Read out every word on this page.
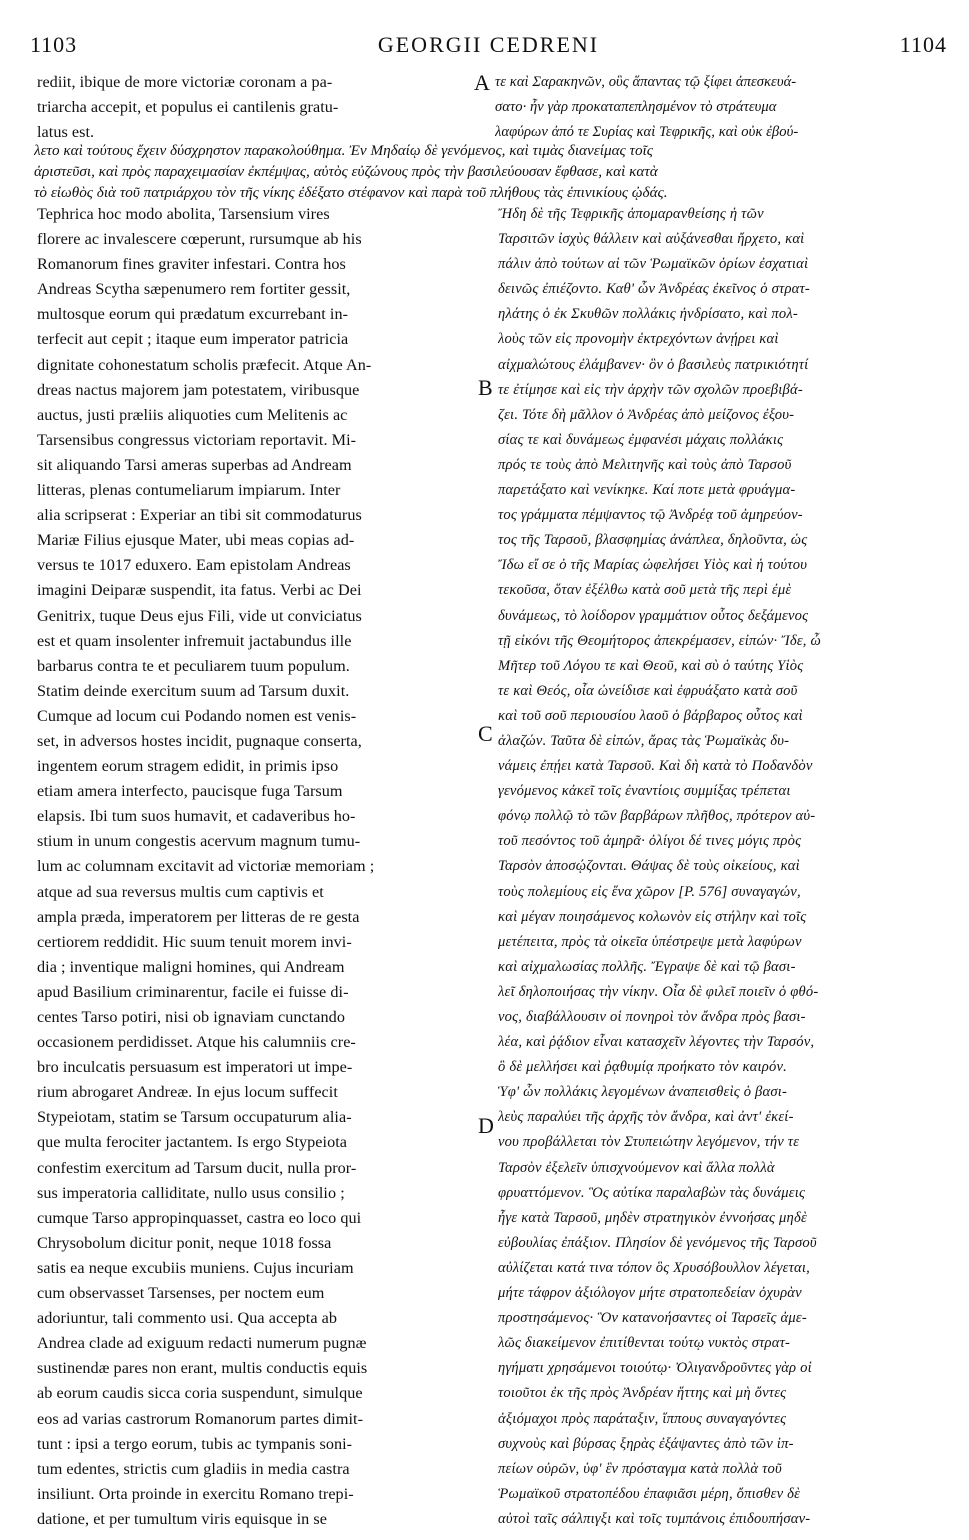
1103	GEORGII CEDRENI	1104
rediit, ibique de more victoriæ coronam a pa-
triarcha accepit, et populus ei cantilenis gratu-
latus est.
τε καὶ Σαρακηνῶν, οὓς ἅπαντας τῷ ξίφει ἀπεσκευά-
σατο· ἦν γὰρ προκαταπεπλησμένον τὸ στράτευμα
λαφύρων ἀπό τε Συρίας καὶ Τεφρικῆς, καὶ οὐκ ἐβού-
λετο καὶ τούτους ἔχειν δύσχρηστον παρακολούθημα. Ἐν Μηδαίῳ δὲ γενόμενος, καὶ τιμὰς διανείμας τοῖς
ἀριστεῦσι, καὶ πρὸς παραχειμασίαν ἐκπέμψας, αὐτὸς εὐζώνους πρὸς τὴν βασιλεύουσαν ἔφθασε, καὶ κατὰ
τὸ εἰωθὸς διὰ τοῦ πατριάρχου τὸν τῆς νίκης ἐδέξατο στέφανον καὶ παρὰ τοῦ πλήθους τὰς ἐπινικίους ᾠδάς.
A
B
C
D
Tephrica hoc modo abolita, Tarsensium vires
florere ac invalescere cœperunt, rursumque ab his
Romanorum fines graviter infestari. Contra hos
Andreas Scytha sæpenumero rem fortiter gessit,
multosque eorum qui prædatum excurrebant in-
terfecit aut cepit ; itaque eum imperator patricia
dignitate cohonestatum scholis præfecit. Atque An-
dreas nactus majorem jam potestatem, viribusque
auctus, justi præliis aliquoties cum Melitenis ac
Tarsensibus congressus victoriam reportavit. Mi-
sit aliquando Tarsi ameras superbas ad Andream
litteras, plenas contumeliarum impiarum. Inter
alia scripserat : Experiar an tibi sit commodaturus
Mariæ Filius ejusque Mater, ubi meas copias ad-
versus te 1017 eduxero. Eam epistolam Andreas
imagini Deiparæ suspendit, ita fatus. Verbi ac Dei
Genitrix, tuque Deus ejus Fili, vide ut conviciatus
est et quam insolenter infremuit jactabundus ille
barbarus contra te et peculiarem tuum populum.
Statim deinde exercitum suum ad Tarsum duxit.
Cumque ad locum cui Podando nomen est venis-
set, in adversos hostes incidit, pugnaque conserta,
ingentem eorum stragem edidit, in primis ipso
etiam amera interfecto, paucisque fuga Tarsum
elapsis. Ibi tum suos humavit, et cadaveribus ho-
stium in unum congestis acervum magnum tumu-
lum ac columnam excitavit ad victoriæ memoriam ;
atque ad sua reversus multis cum captivis et
ampla præda, imperatorem per litteras de re gesta
certiorem reddidit. Hic suum tenuit morem invi-
dia ; inventique maligni homines, qui Andream
apud Basilium criminarentur, facile ei fuisse di-
centes Tarso potiri, nisi ob ignaviam cunctando
occasionem perdidisset. Atque his calumniis cre-
bro inculcatis persuasum est imperatori ut impe-
rium abrogaret Andreæ. In ejus locum suffecit
Stypeiotam, statim se Tarsum occupaturum alia-
que multa ferociter jactantem. Is ergo Stypeiota
confestim exercitum ad Tarsum ducit, nulla pror-
sus imperatoria calliditate, nullo usus consilio ;
cumque Tarso appropinquasset, castra eo loco qui
Chrysobolum dicitur ponit, neque 1018 fossa
satis ea neque excubiis muniens. Cujus incuriam
cum observasset Tarsenses, per noctem eum
adoriuntur, tali commento usi. Qua accepta ab
Andrea clade ad exiguum redacti numerum pugnæ
sustinendæ pares non erant, multis conductis equis
ab eorum caudis sicca coria suspendunt, simulque
eos ad varias castrorum Romanorum partes dimit-
tunt : ipsi a tergo eorum, tubis ac tympanis soni-
tum edentes, strictis cum gladiis in media castra
insiliunt. Orta proinde in exercitu Romano trepi-
datione, et per tumultum viris equisque in se
Ἤδη δὲ τῆς Τεφρικῆς ἀπομαρανθείσης ἡ τῶν
Ταρσιτῶν ἰσχὺς θάλλειν καὶ αὐξάνεσθαι ἤρχετο, καὶ
πάλιν ἀπὸ τούτων αἱ τῶν Ῥωμαϊκῶν ὁρίων ἐσχατιαὶ
δεινῶς ἐπιέζοντο. Καθ' ὧν Ἀνδρέας ἐκεῖνος ὁ στρατ-
ηλάτης ὁ ἐκ Σκυθῶν πολλάκις ἠνδρίσατο, καὶ πολ-
λοὺς τῶν εἰς προνομὴν ἐκτρεχόντων ἀνῄρει καὶ
αἰχμαλώτους ἐλάμβανεν· ὃν ὁ βασιλεὺς πατρικιότητί
τε ἐτίμησε καὶ εἰς τὴν ἀρχὴν τῶν σχολῶν προεβιβά-
ζει. Τότε δὴ μᾶλλον ὁ Ἀνδρέας ἀπὸ μείζονος ἐξου-
σίας τε καὶ δυνάμεως ἐμφανέσι μάχαις πολλάκις
πρός τε τοὺς ἀπὸ Μελιτηνῆς καὶ τοὺς ἀπὸ Ταρσοῦ
παρετάξατο καὶ νενίκηκε. Καί ποτε μετὰ φρυάγμα-
τος γράμματα πέμψαντος τῷ Ἀνδρέᾳ τοῦ ἀμηρεύον-
τος τῆς Ταρσοῦ, βλασφημίας ἀνάπλεα, δηλοῦντα, ὡς
Ἴδω εἴ σε ὁ τῆς Μαρίας ὠφελήσει Υἱὸς καὶ ἡ τούτου
τεκοῦσα, ὅταν ἐξέλθω κατὰ σοῦ μετὰ τῆς περὶ ἐμὲ
δυνάμεως, τὸ λοίδορον γραμμάτιον οὗτος δεξάμενος
τῇ εἰκόνι τῆς Θεομήτορος ἀπεκρέμασεν, εἰπών· Ἴδε, ὦ
Μῆτερ τοῦ Λόγου τε καὶ Θεοῦ, καὶ σὺ ὁ ταύτης Υἱὸς
τε καὶ Θεός, οἷα ὠνείδισε καὶ ἐφρυάξατο κατὰ σοῦ
καὶ τοῦ σοῦ περιουσίου λαοῦ ὁ βάρβαρος οὗτος καὶ
ἀλαζών. Ταῦτα δὲ εἰπών, ἄρας τὰς Ῥωμαϊκὰς δυ-
νάμεις ἐπῄει κατὰ Ταρσοῦ. Καὶ δὴ κατὰ τὸ Ποδανδὸν
γενόμενος κἀκεῖ τοῖς ἐναντίοις συμμίξας τρέπεται
φόνῳ πολλῷ τὸ τῶν βαρβάρων πλῆθος, πρότερον αὐ-
τοῦ πεσόντος τοῦ ἀμηρᾶ· ὀλίγοι δέ τινες μόγις πρὸς
Ταρσὸν ἀποσῴζονται. Θάψας δὲ τοὺς οἰκείους, καὶ
τοὺς πολεμίους εἰς ἕνα χῶρον [P. 576] συναγαγών,
καὶ μέγαν ποιησάμενος κολωνὸν εἰς στήλην καὶ τοῖς
μετέπειτα, πρὸς τὰ οἰκεῖα ὑπέστρεψε μετὰ λαφύρων
καὶ αἰχμαλωσίας πολλῆς. Ἔγραψε δὲ καὶ τῷ βασι-
λεῖ δηλοποιήσας τὴν νίκην. Οἷα δὲ φιλεῖ ποιεῖν ὁ φθό-
νος, διαβάλλουσιν οἱ πονηροὶ τὸν ἄνδρα πρὸς βασι-
λέα, καὶ ῥᾴδιον εἶναι κατασχεῖν λέγοντες τὴν Ταρσόν,
ὃ δὲ μελλήσει καὶ ῥᾳθυμίᾳ προήκατο τὸν καιρόν.
Ὑφ' ὧν πολλάκις λεγομένων ἀναπεισθεὶς ὁ βασι-
λεὺς παραλύει τῆς ἀρχῆς τὸν ἄνδρα, καὶ ἀντ' ἐκεί-
νου προβάλλεται τὸν Στυπειώτην λεγόμενον, τήν τε
Ταρσὸν ἐξελεῖν ὑπισχνούμενον καὶ ἄλλα πολλὰ
φρυαττόμενον. Ὃς αὐτίκα παραλαβὼν τὰς δυνάμεις
ἦγε κατὰ Ταρσοῦ, μηδὲν στρατηγικὸν ἐννοήσας μηδὲ
εὐβουλίας ἐπάξιον. Πλησίον δὲ γενόμενος τῆς Ταρσοῦ
αὐλίζεται κατά τινα τόπον ὃς Χρυσόβουλλον λέγεται,
μήτε τάφρον ἀξιόλογον μήτε στρατοπεδείαν ὀχυρὰν
προστησάμενος· Ὃν κατανοήσαντες οἱ Ταρσεῖς ἀμε-
λῶς διακείμενον ἐπιτίθενται τούτῳ νυκτὸς στρατ-
ηγήματι χρησάμενοι τοιούτῳ· Ὀλιγανδροῦντες γὰρ οἱ
τοιοῦτοι ἐκ τῆς πρὸς Ἀνδρέαν ἥττης καὶ μὴ ὄντες
ἀξιόμαχοι πρὸς παράταξιν, ἵππους συναγαγόντες
συχνοὺς καὶ βύρσας ξηρὰς ἐξάψαντες ἀπὸ τῶν ἱπ-
πείων οὐρῶν, ὑφ' ἓν πρόσταγμα κατὰ πολλὰ τοῦ
Ῥωμαϊκοῦ στρατοπέδου ἐπαφιᾶσι μέρη, ὄπισθεν δὲ
αὐτοὶ ταῖς σάλπιγξι καὶ τοῖς τυμπάνοις ἐπιδουπήσαν-
